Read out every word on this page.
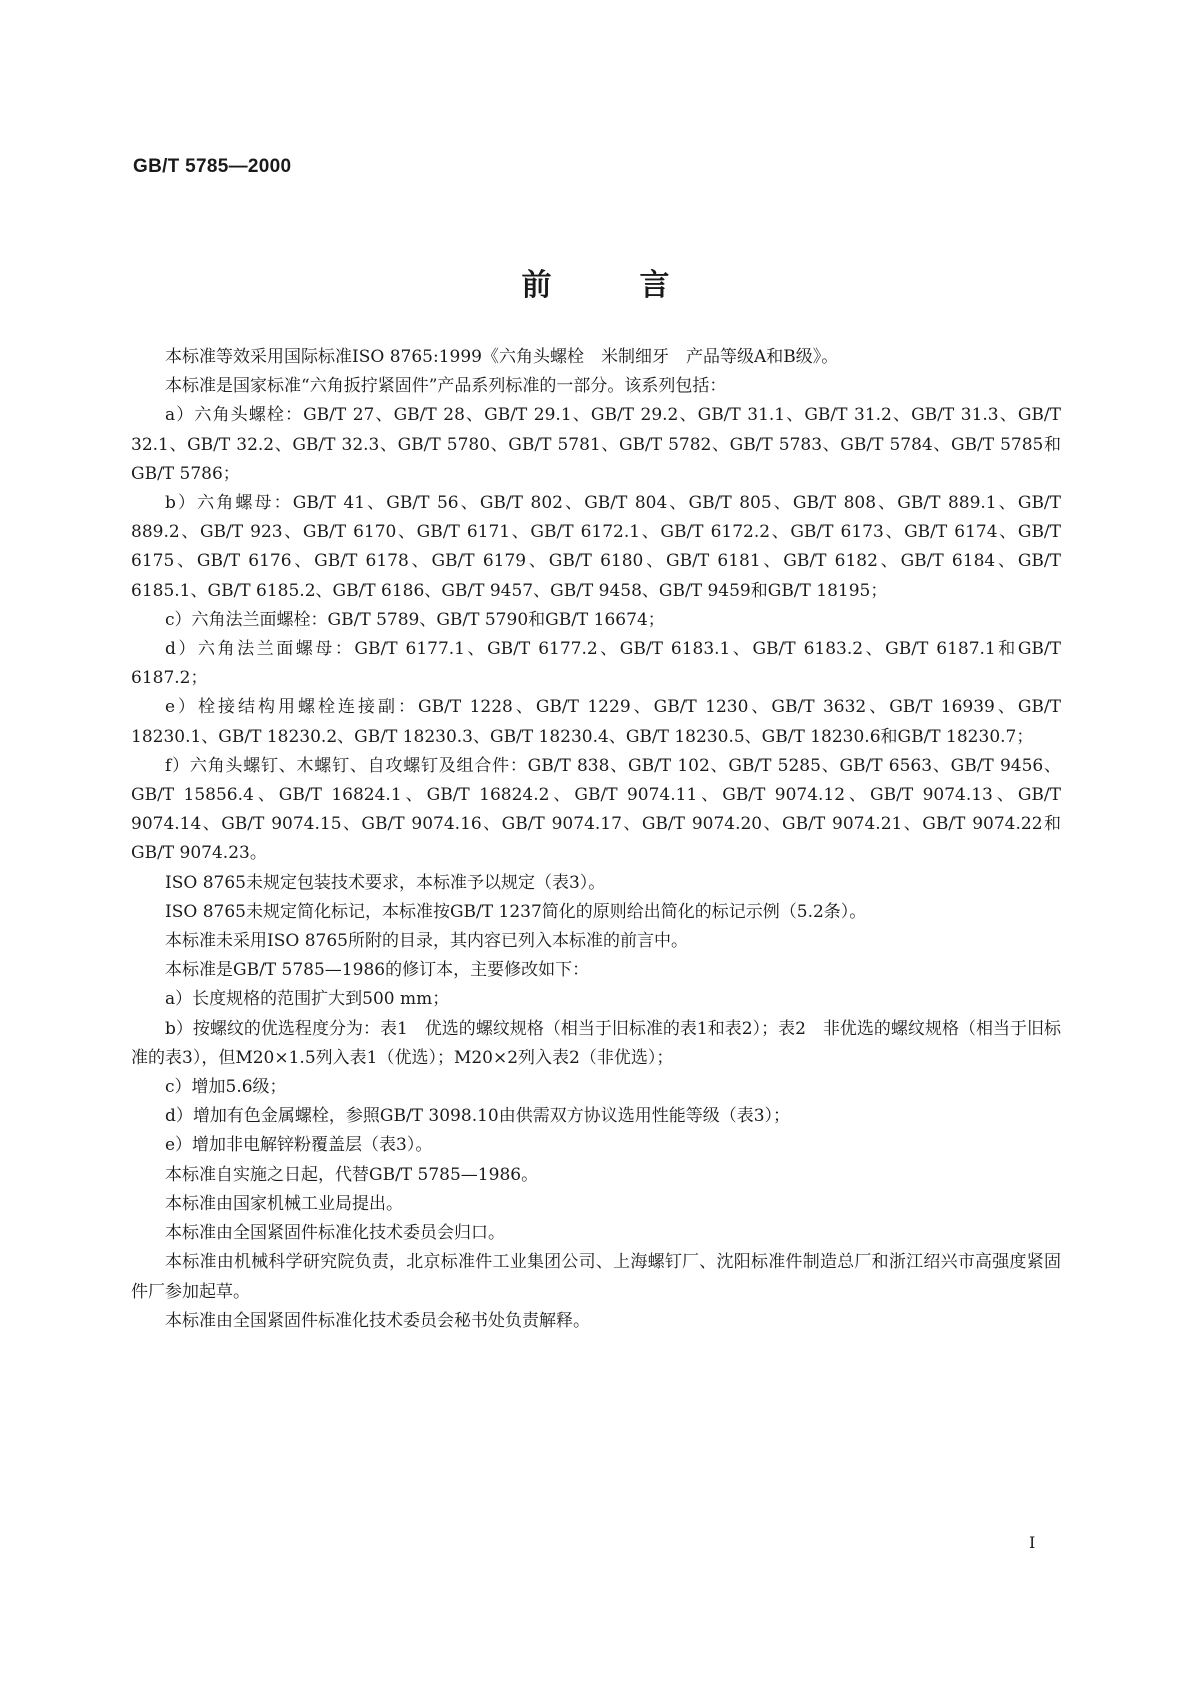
GB/T 5785—2000
前	言

本标准等效采用国际标准ISO 8765:1999《六角头螺栓　米制细牙　产品等级A和B级》。

本标准是国家标准“六角扳拧紧固件”产品系列标准的一部分。该系列包括：

a）六角头螺栓：GB/T 27、GB/T 28、GB/T 29.1、GB/T 29.2、GB/T 31.1、GB/T 31.2、GB/T 31.3、GB/T 32.1、GB/T 32.2、GB/T 32.3、GB/T 5780、GB/T 5781、GB/T 5782、GB/T 5783、GB/T 5784、GB/T 5785和GB/T 5786；

b）六角螺母：GB/T 41、GB/T 56、GB/T 802、GB/T 804、GB/T 805、GB/T 808、GB/T 889.1、GB/T 889.2、GB/T 923、GB/T 6170、GB/T 6171、GB/T 6172.1、GB/T 6172.2、GB/T 6173、GB/T 6174、GB/T 6175、GB/T 6176、GB/T 6178、GB/T 6179、GB/T 6180、GB/T 6181、GB/T 6182、GB/T 6184、GB/T 6185.1、GB/T 6185.2、GB/T 6186、GB/T 9457、GB/T 9458、GB/T 9459和GB/T 18195；

c）六角法兰面螺栓：GB/T 5789、GB/T 5790和GB/T 16674；

d）六角法兰面螺母：GB/T 6177.1、GB/T 6177.2、GB/T 6183.1、GB/T 6183.2、GB/T 6187.1和GB/T 6187.2；

e）栓接结构用螺栓连接副：GB/T 1228、GB/T 1229、GB/T 1230、GB/T 3632、GB/T 16939、GB/T 18230.1、GB/T 18230.2、GB/T 18230.3、GB/T 18230.4、GB/T 18230.5、GB/T 18230.6和GB/T 18230.7；

f）六角头螺钉、木螺钉、自攻螺钉及组合件：GB/T 838、GB/T 102、GB/T 5285、GB/T 6563、GB/T 9456、GB/T 15856.4、GB/T 16824.1、GB/T 16824.2、GB/T 9074.11、GB/T 9074.12、GB/T 9074.13、GB/T 9074.14、GB/T 9074.15、GB/T 9074.16、GB/T 9074.17、GB/T 9074.20、GB/T 9074.21、GB/T 9074.22和GB/T 9074.23。

ISO 8765未规定包装技术要求，本标准予以规定（表3）。

ISO 8765未规定简化标记，本标准按GB/T 1237简化的原则给出简化的标记示例（5.2条）。

本标准未采用ISO 8765所附的目录，其内容已列入本标准的前言中。

本标准是GB/T 5785—1986的修订本，主要修改如下：

a）长度规格的范围扩大到500 mm；

b）按螺纹的优选程度分为：表1　优选的螺纹规格（相当于旧标准的表1和表2）；表2　非优选的螺纹规格（相当于旧标准的表3），但M20×1.5列入表1（优选）；M20×2列入表2（非优选）；

c）增加5.6级；

d）增加有色金属螺栓，参照GB/T 3098.10由供需双方协议选用性能等级（表3）；

e）增加非电解锌粉覆盖层（表3）。

本标准自实施之日起，代替GB/T 5785—1986。

本标准由国家机械工业局提出。

本标准由全国紧固件标准化技术委员会归口。

本标准由机械科学研究院负责，北京标准件工业集团公司、上海螺钉厂、沈阳标准件制造总厂和浙江绍兴市高强度紧固件厂参加起草。

本标准由全国紧固件标准化技术委员会秘书处负责解释。

I
